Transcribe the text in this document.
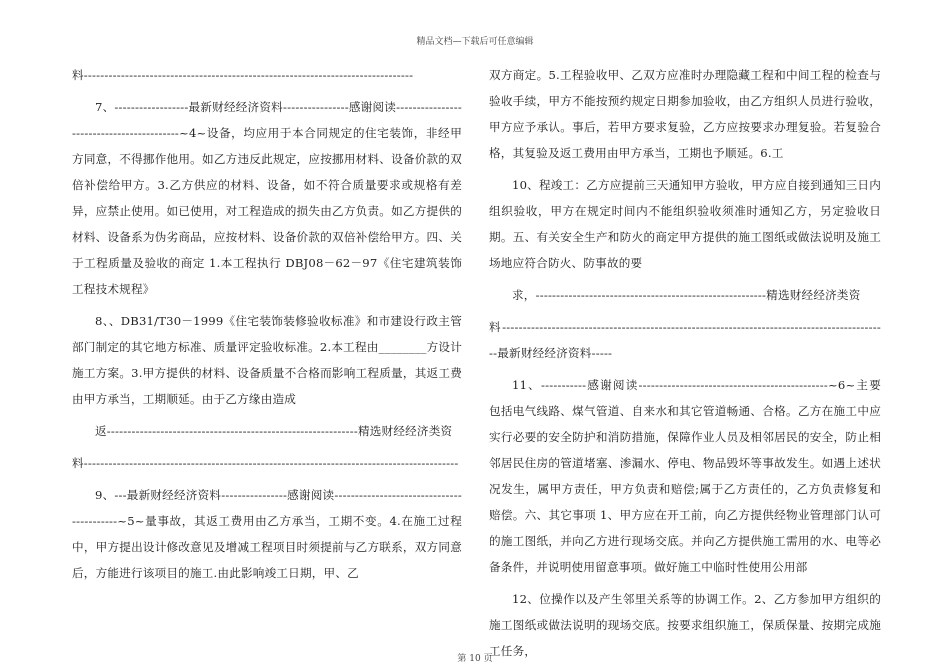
精品文档—下载后可任意编辑

料--------------------------------------------------------------------------------

7、------------------最新财经经济资料----------------感谢阅读------------------------------------------~4~设备，均应用于本合同规定的住宅装饰，非经甲方同意，不得挪作他用。如乙方违反此规定，应按挪用材料、设备价款的双倍补偿给甲方。3.乙方供应的材料、设备，如不符合质量要求或规格有差异，应禁止使用。如已使用，对工程造成的损失由乙方负责。如乙方提供的材料、设备系为伪劣商品，应按材料、设备价款的双倍补偿给甲方。四、关于工程质量及验收的商定 1.本工程执行 DBJ08－62－97《住宅建筑装饰工程技术规程》

8、、DB31/T30－1999《住宅装饰装修验收标准》和市建设行政主管部门制定的其它地方标准、质量评定验收标准。2.本工程由________方设计施工方案。3.甲方提供的材料、设备质量不合格而影响工程质量，其返工费由甲方承当，工期顺延。由于乙方缘由造成

返-------------------------------------------------------------精选财经经济类资

料-------------------------------------------------------------------------------------------

9、---最新财经经济资料----------------感谢阅读------------------------------------------~5~量事故，其返工费用由乙方承当，工期不变。4.在施工过程中，甲方提出设计修改意见及增减工程项目时须提前与乙方联系，双方同意后，方能进行该项目的施工.由此影响竣工日期，甲、乙

双方商定。5.工程验收甲、乙双方应准时办理隐藏工程和中间工程的检查与验收手续，甲方不能按预约规定日期参加验收，由乙方组织人员进行验收，甲方应予承认。事后，若甲方要求复验，乙方应按要求办理复验。若复验合格，其复验及返工费用由甲方承当，工期也予顺延。6.工

10、程竣工：乙方应提前三天通知甲方验收，甲方应自接到通知三日内组织验收，甲方在规定时间内不能组织验收须准时通知乙方，另定验收日期。五、有关安全生产和防火的商定甲方提供的施工图纸或做法说明及施工场地应符合防火、防事故的要

求，--------------------------------------------------------精选财经经济类资

料----------------------------------------------------------------------------------------------最新财经经济资料-----

11、-----------感谢阅读----------------------------------------------~6~主要包括电气线路、煤气管道、自来水和其它管道畅通、合格。乙方在施工中应实行必要的安全防护和消防措施，保障作业人员及相邻居民的安全，防止相邻居民住房的管道堵塞、渗漏水、停电、物品毁坏等事故发生。如遇上述状况发生，属甲方责任，甲方负责和赔偿;属于乙方责任的，乙方负责修复和赔偿。六、其它事项 1、甲方应在开工前，向乙方提供经物业管理部门认可的施工图纸，并向乙方进行现场交底。并向乙方提供施工需用的水、电等必备条件，并说明使用留意事项。做好施工中临时性使用公用部

12、位操作以及产生邻里关系等的协调工作。2、乙方参加甲方组织的施工图纸或做法说明的现场交底。按要求组织施工，保质保量、按期完成施工任务，

第 10 页
